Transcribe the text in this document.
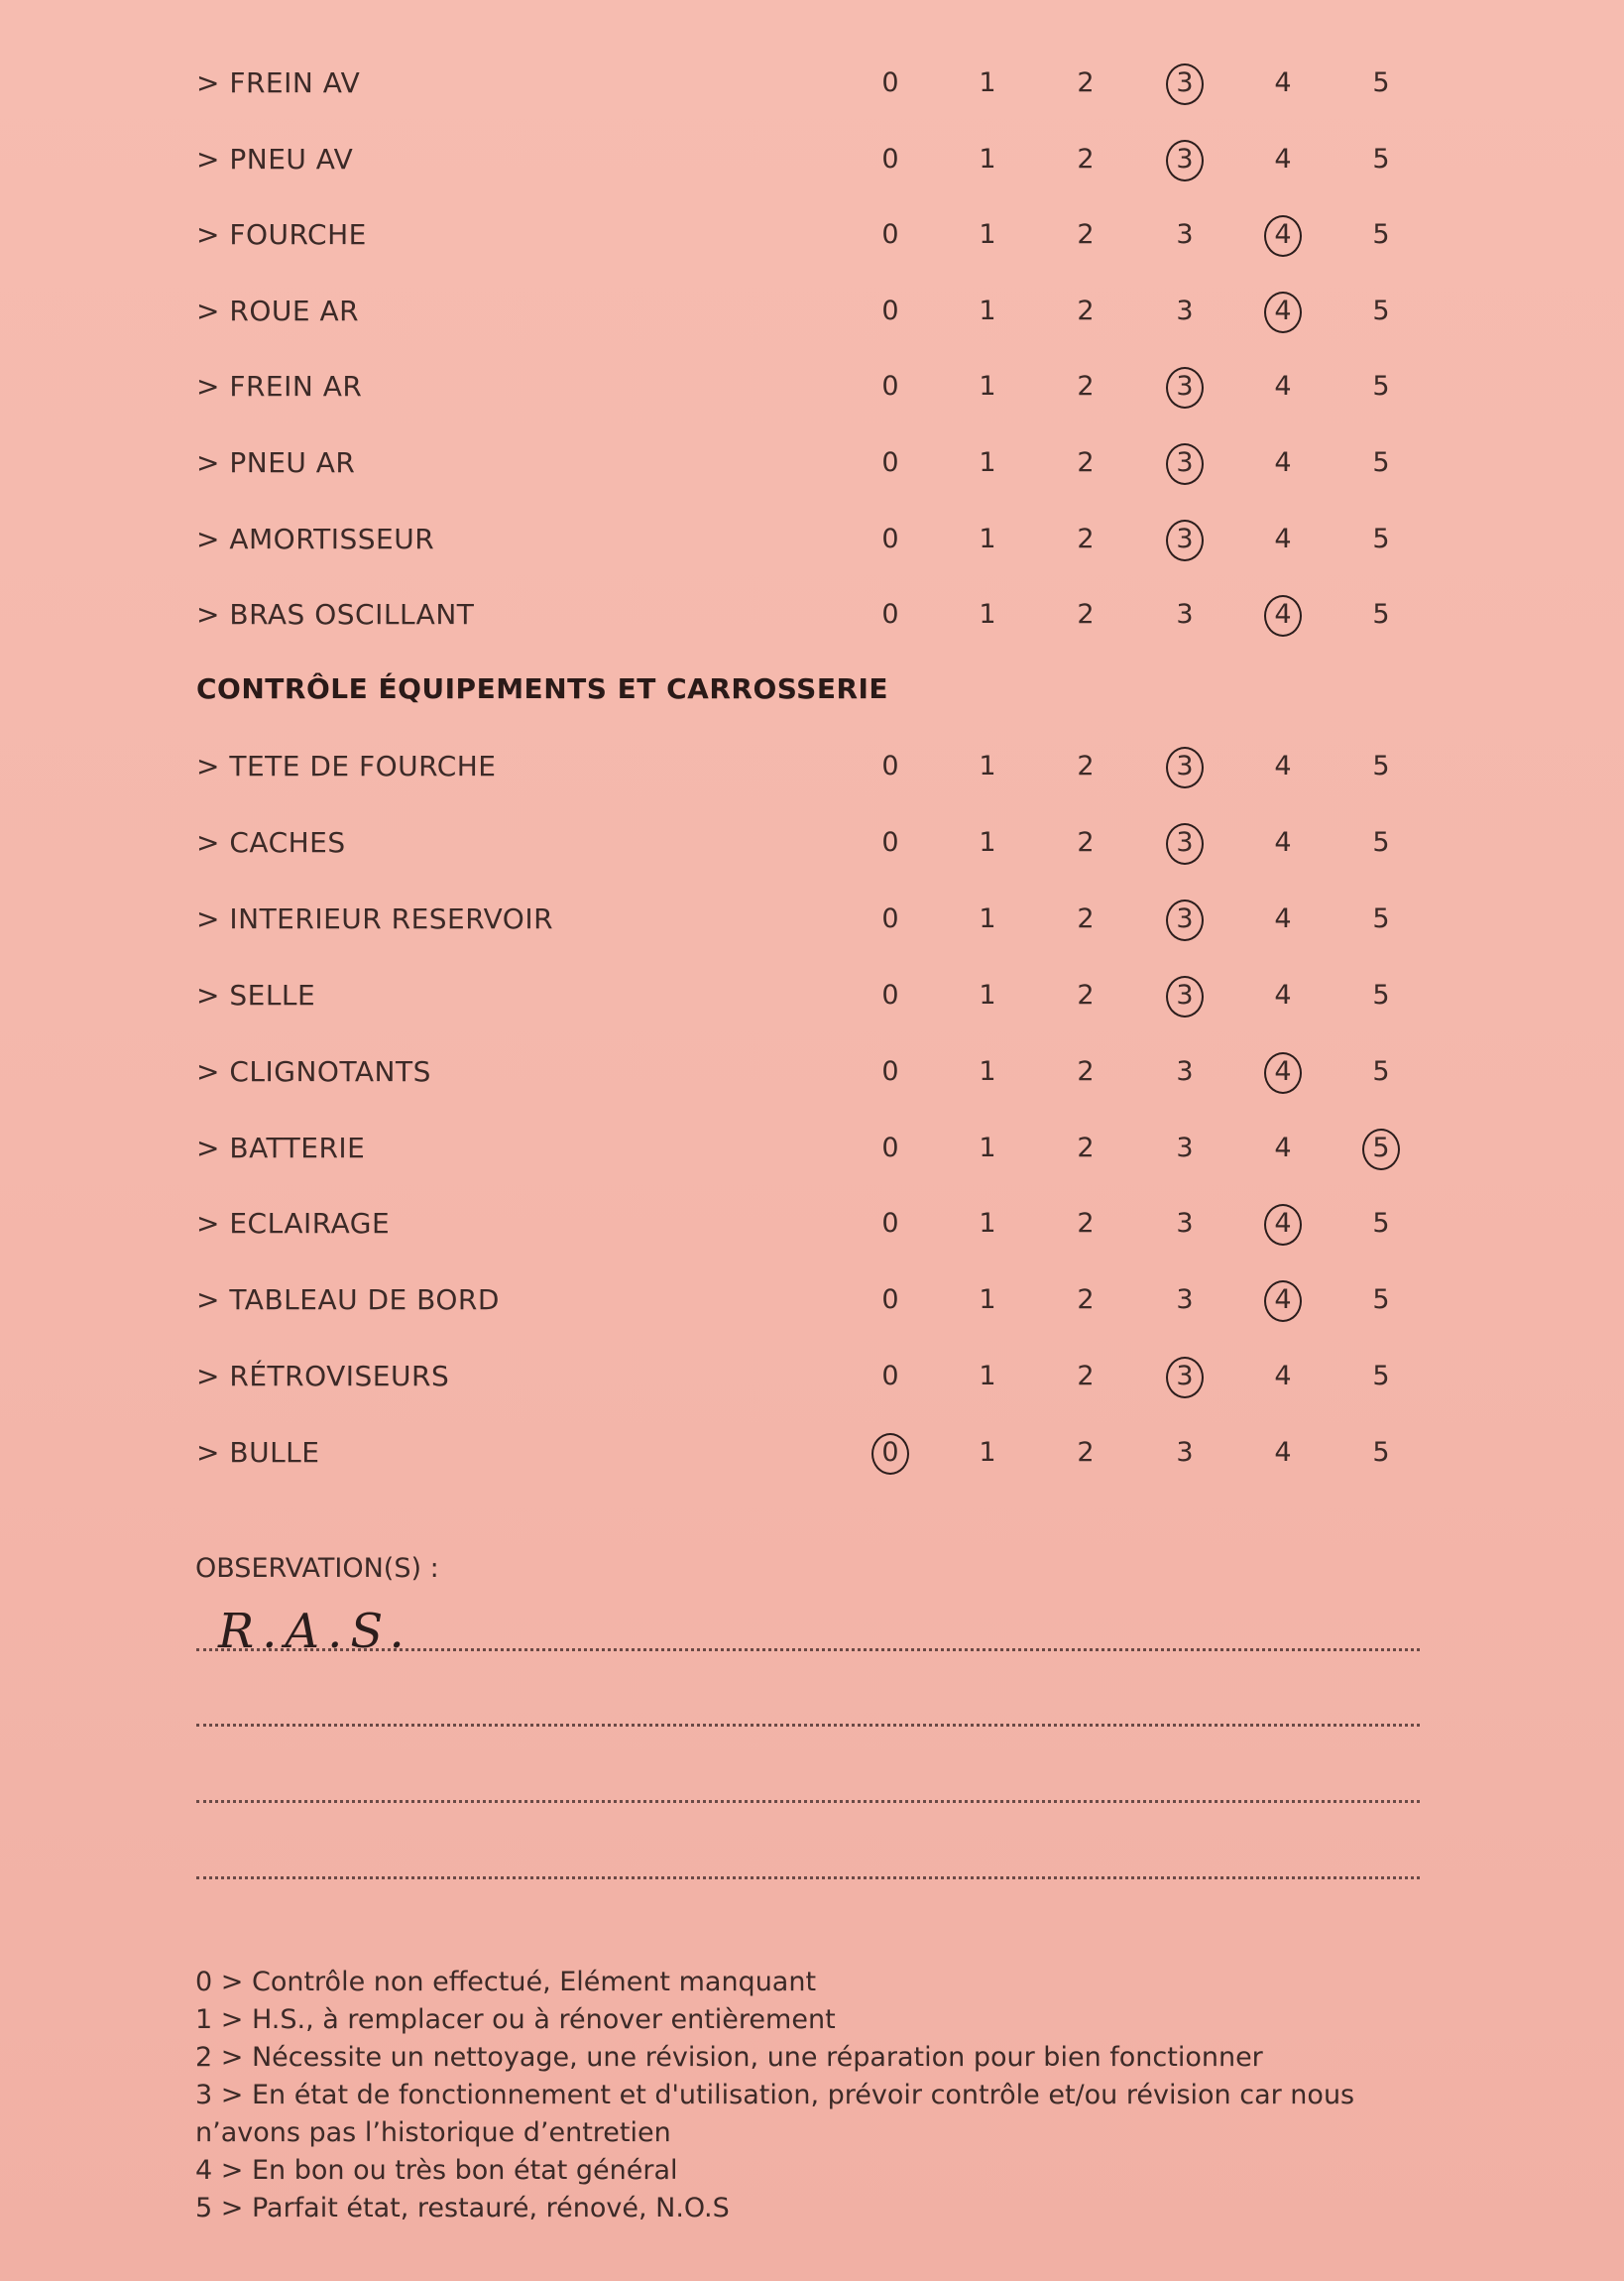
> FREIN AV	0	1	2	3	4	5
> PNEU AV	0	1	2	3	4	5
> FOURCHE	0	1	2	3	4	5
> ROUE AR	0	1	2	3	4	5
> FREIN AR	0	1	2	3	4	5
> PNEU AR	0	1	2	3	4	5
> AMORTISSEUR	0	1	2	3	4	5
> BRAS OSCILLANT	0	1	2	3	4	5
CONTRÔLE ÉQUIPEMENTS ET CARROSSERIE
> TETE DE FOURCHE	0	1	2	3	4	5
> CACHES	0	1	2	3	4	5
> INTERIEUR RESERVOIR	0	1	2	3	4	5
> SELLE	0	1	2	3	4	5
> CLIGNOTANTS	0	1	2	3	4	5
> BATTERIE	0	1	2	3	4	5
> ECLAIRAGE	0	1	2	3	4	5
> TABLEAU DE BORD	0	1	2	3	4	5
> RÉTROVISEURS	0	1	2	3	4	5
> BULLE	0	1	2	3	4	5
OBSERVATION(S) :
R.A.S.
0 > Contrôle non effectué, Elément manquant
1 > H.S., à remplacer ou à rénover entièrement
2 > Nécessite un nettoyage, une révision, une réparation pour bien fonctionner
3 > En état de fonctionnement et d'utilisation, prévoir contrôle et/ou révision car nous
n’avons pas l’historique d’entretien
4 > En bon ou très bon état général
5 > Parfait état, restauré, rénové, N.O.S
